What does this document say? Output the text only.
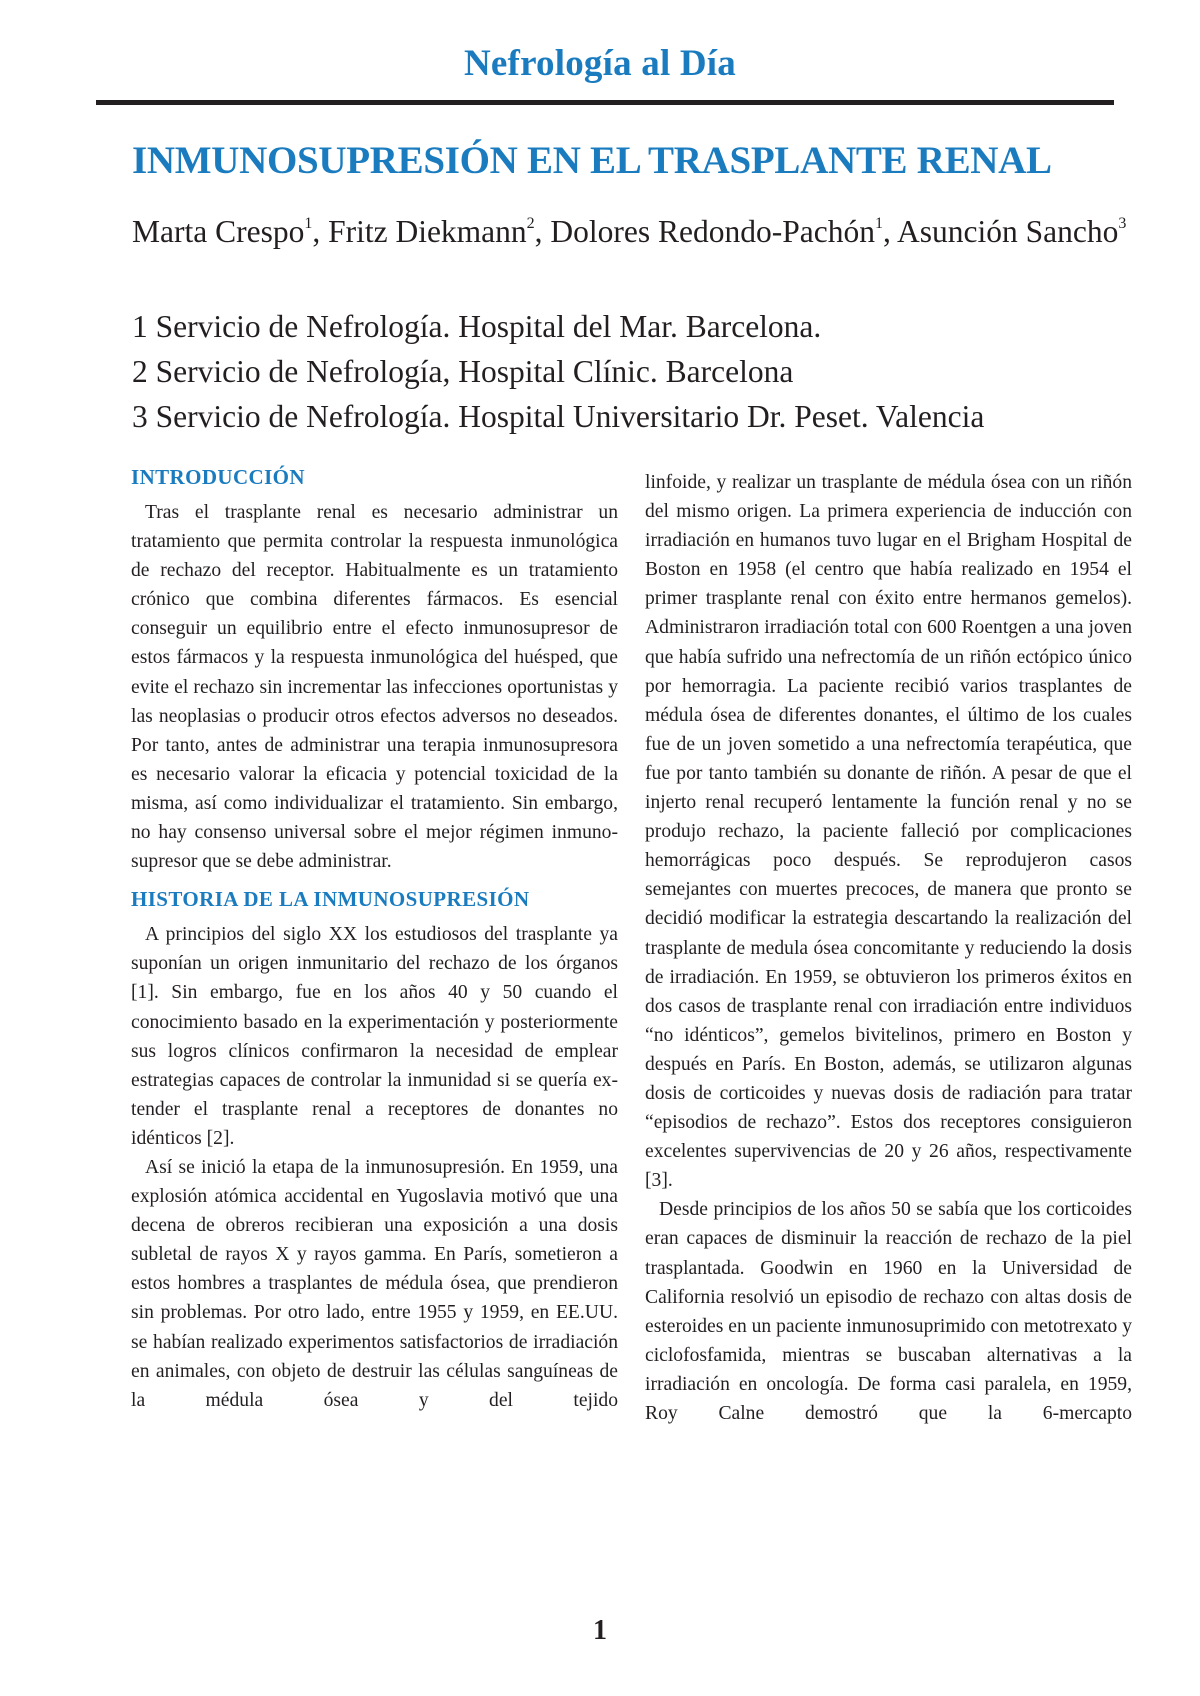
Nefrología al Día
INMUNOSUPRESIÓN EN EL TRASPLANTE RENAL
Marta Crespo$^1$, Fritz Diekmann$^2$, Dolores Redondo-Pachón$^1$, Asunción Sancho$^3$
1 Servicio de Nefrología. Hospital del Mar. Barcelona.
2 Servicio de Nefrología, Hospital Clínic. Barcelona
3 Servicio de Nefrología. Hospital Universitario Dr. Peset. Valencia
INTRODUCCIÓN

Tras el trasplante renal es necesario administrar un tratamiento que permita controlar la respuesta inmunológica de rechazo del receptor. Habitualmente es un tratamiento crónico que combina diferentes fármacos. Es esencial conseguir un equilibrio entre el efecto inmunosupresor de estos fármacos y la respuesta inmunológica del huésped, que evite el rechazo sin incrementar las infecciones oportunistas y las neoplasias o producir otros efectos adversos no deseados. Por tanto, antes de administrar una terapia inmunosupresora es necesario valorar la eficacia y potencial toxicidad de la misma, así como individualizar el tratamiento. Sin embargo, no hay consenso universal sobre el mejor régimen inmunosupresor que se debe administrar.

HISTORIA DE LA INMUNOSUPRESIÓN

A principios del siglo XX los estudiosos del trasplante ya suponían un origen inmunitario del rechazo de los órganos [1]. Sin embargo, fue en los años 40 y 50 cuando el conocimiento basado en la experimentación y posteriormente sus logros clínicos confirmaron la necesidad de emplear estrategias capaces de controlar la inmunidad si se quería extender el trasplante renal a receptores de donantes no idénticos [2].

Así se inició la etapa de la inmunosupresión. En 1959, una explosión atómica accidental en Yugoslavia motivó que una decena de obreros recibieran una exposición a una dosis subletal de rayos X y rayos gamma. En París, sometieron a estos hombres a trasplantes de médula ósea, que prendieron sin problemas. Por otro lado, entre 1955 y 1959, en EE.UU. se habían realizado experimentos satisfactorios de irradiación en animales, con objeto de destruir las células sanguíneas de la médula ósea y del tejido

linfoide, y realizar un trasplante de médula ósea con un riñón del mismo origen. La primera experiencia de inducción con irradiación en humanos tuvo lugar en el Brigham Hospital de Boston en 1958 (el centro que había realizado en 1954 el primer trasplante renal con éxito entre hermanos gemelos). Administraron irradiación total con 600 Roentgen a una joven que había sufrido una nefrectomía de un riñón ectópico único por hemorragia. La paciente recibió varios trasplantes de médula ósea de diferentes donantes, el último de los cuales fue de un joven sometido a una nefrectomía terapéutica, que fue por tanto también su donante de riñón. A pesar de que el injerto renal recuperó lentamente la función renal y no se produjo rechazo, la paciente falleció por complicaciones hemorrágicas poco después. Se reprodujeron casos semejantes con muertes precoces, de manera que pronto se decidió modificar la estrategia descartando la realización del trasplante de medula ósea concomitante y reduciendo la dosis de irradiación. En 1959, se obtuvieron los primeros éxitos en dos casos de trasplante renal con irradiación entre individuos “no idénticos”, gemelos bivitelinos, primero en Boston y después en París. En Boston, además, se utilizaron algunas dosis de corticoides y nuevas dosis de radiación para tratar “episodios de rechazo”. Estos dos receptores consiguieron excelentes supervivencias de 20 y 26 años, respectivamente [3].

Desde principios de los años 50 se sabía que los corticoides eran capaces de disminuir la reacción de rechazo de la piel trasplantada. Goodwin en 1960 en la Universidad de California resolvió un episodio de rechazo con altas dosis de esteroides en un paciente inmunosuprimido con metotrexato y ciclofosfamida, mientras se buscaban alternativas a la irradiación en oncología. De forma casi paralela, en 1959, Roy Calne demostró que la 6-mercapto

1
